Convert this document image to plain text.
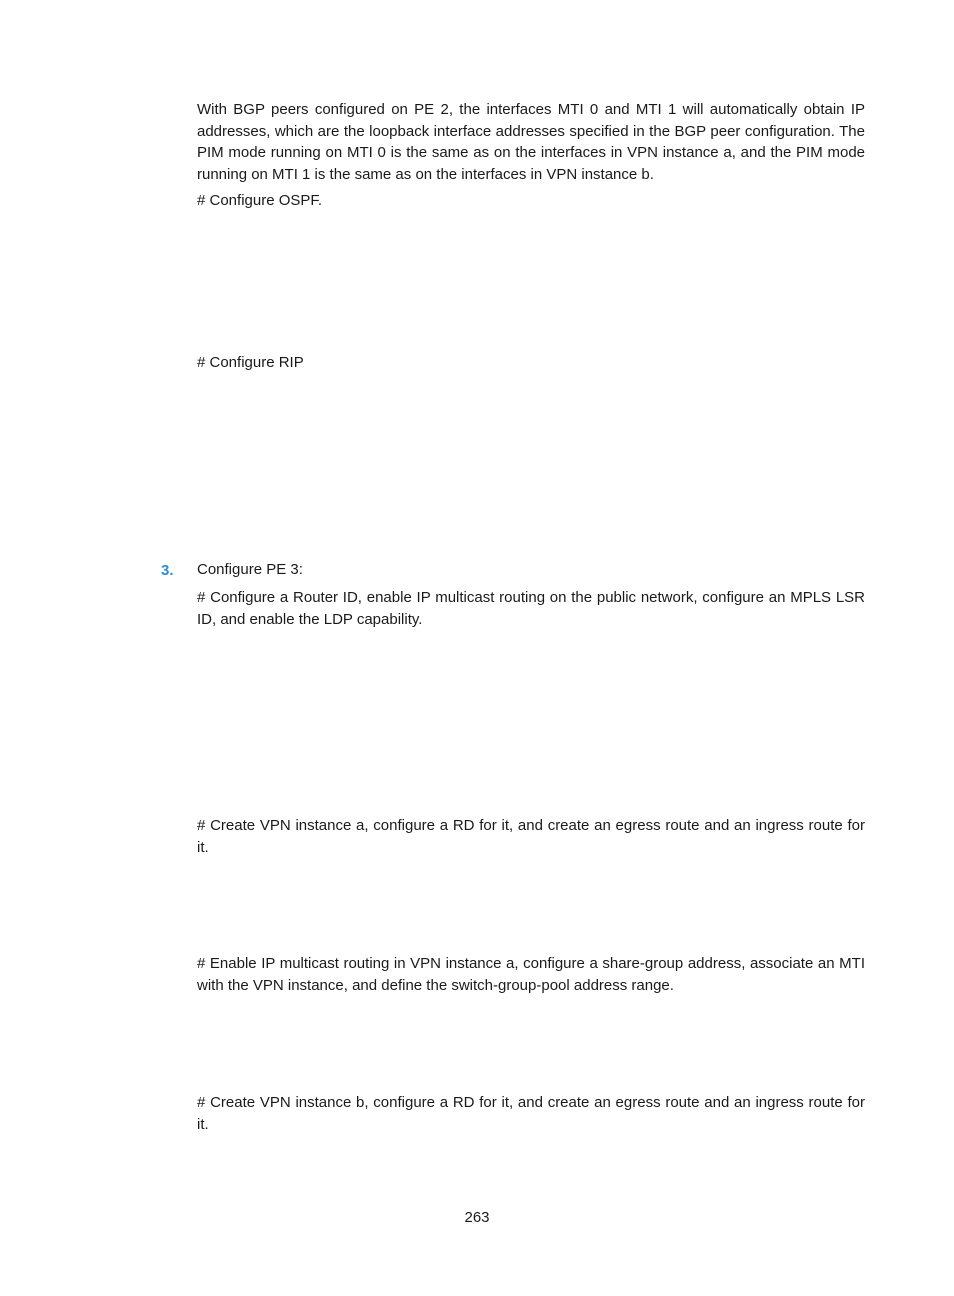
With BGP peers configured on PE 2, the interfaces MTI 0 and MTI 1 will automatically obtain IP addresses, which are the loopback interface addresses specified in the BGP peer configuration. The PIM mode running on MTI 0 is the same as on the interfaces in VPN instance a, and the PIM mode running on MTI 1 is the same as on the interfaces in VPN instance b.

# Configure OSPF.

# Configure RIP

3. Configure PE 3:

# Configure a Router ID, enable IP multicast routing on the public network, configure an MPLS LSR ID, and enable the LDP capability.

# Create VPN instance a, configure a RD for it, and create an egress route and an ingress route for it.

# Enable IP multicast routing in VPN instance a, configure a share-group address, associate an MTI with the VPN instance, and define the switch-group-pool address range.

# Create VPN instance b, configure a RD for it, and create an egress route and an ingress route for it.

263
